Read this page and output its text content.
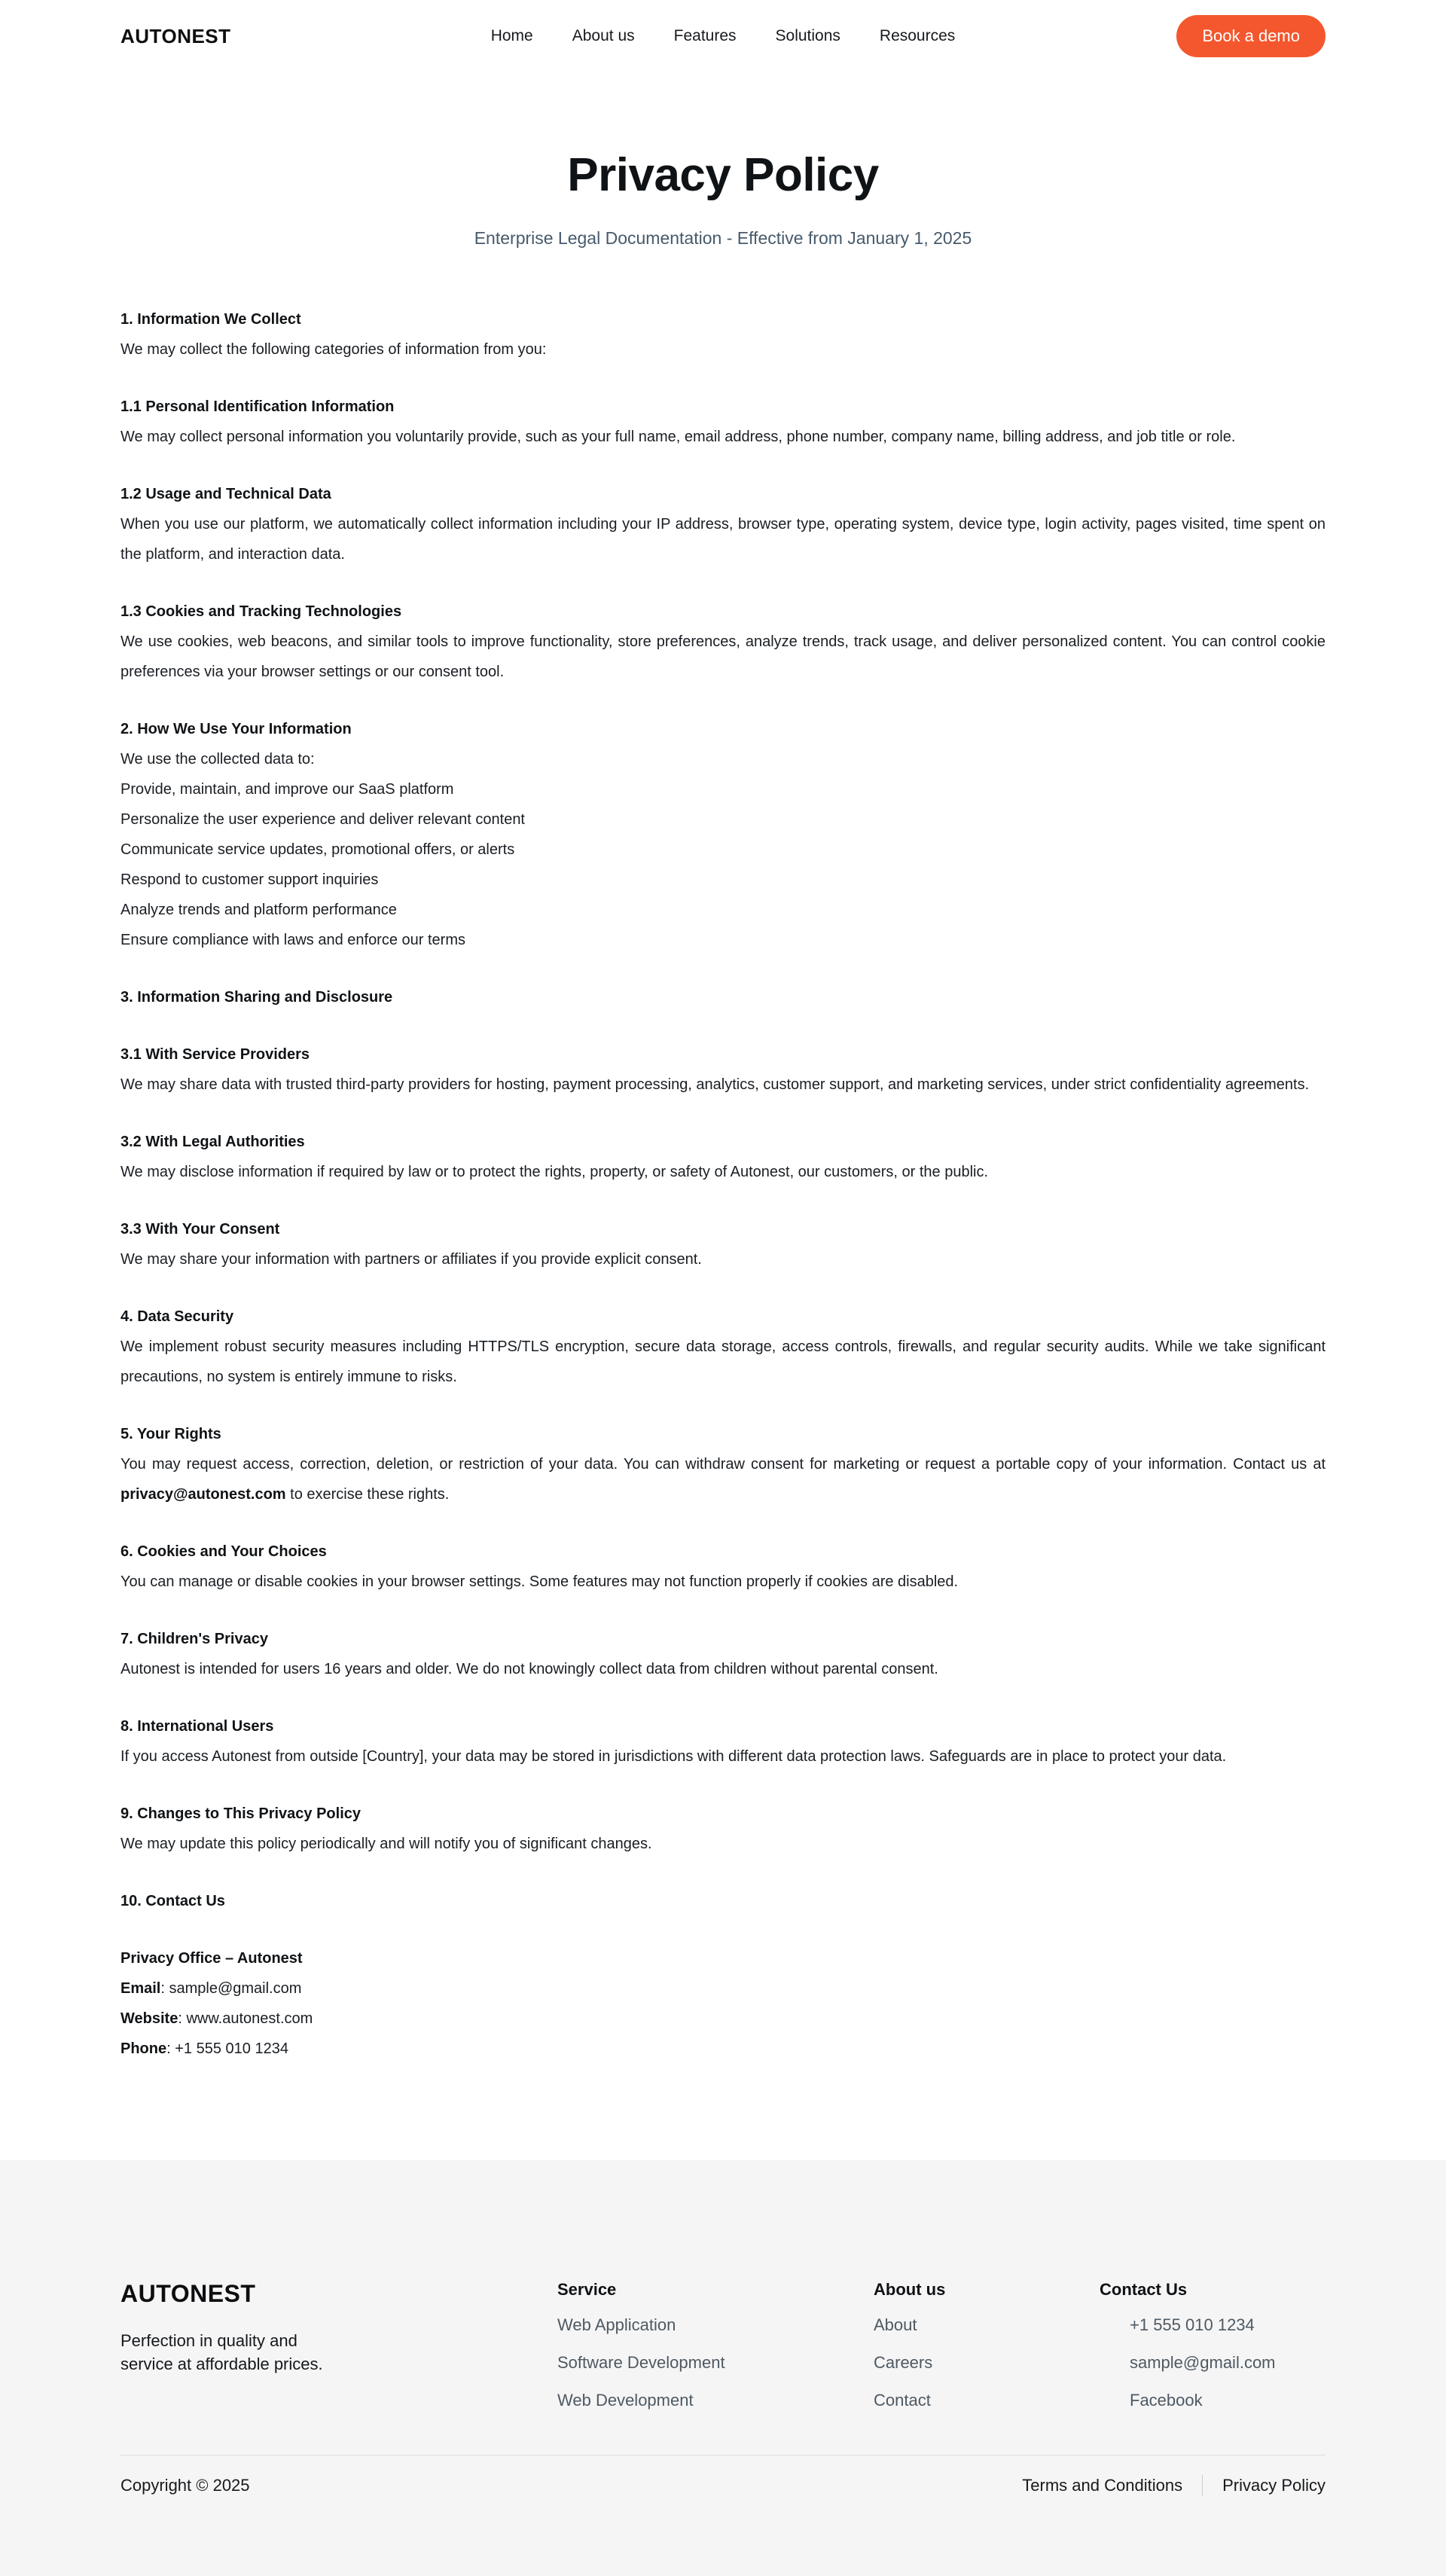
AUTONEST	Home About us Features Solutions Resources	Book a demo
Privacy Policy

Enterprise Legal Documentation - Effective from January 1, 2025

1. Information We Collect

We may collect the following categories of information from you:

1.1 Personal Identification Information

We may collect personal information you voluntarily provide, such as your full name, email address, phone number, company name, billing address, and job title or role.

1.2 Usage and Technical Data

When you use our platform, we automatically collect information including your IP address, browser type, operating system, device type, login activity, pages visited, time spent on the platform, and interaction data.

1.3 Cookies and Tracking Technologies

We use cookies, web beacons, and similar tools to improve functionality, store preferences, analyze trends, track usage, and deliver personalized content. You can control cookie preferences via your browser settings or our consent tool.

2. How We Use Your Information

We use the collected data to:

Provide, maintain, and improve our SaaS platform

Personalize the user experience and deliver relevant content

Communicate service updates, promotional offers, or alerts

Respond to customer support inquiries

Analyze trends and platform performance

Ensure compliance with laws and enforce our terms

3. Information Sharing and Disclosure
3.1 With Service Providers

We may share data with trusted third-party providers for hosting, payment processing, analytics, customer support, and marketing services, under strict confidentiality agreements.

3.2 With Legal Authorities

We may disclose information if required by law or to protect the rights, property, or safety of Autonest, our customers, or the public.

3.3 With Your Consent

We may share your information with partners or affiliates if you provide explicit consent.

4. Data Security

We implement robust security measures including HTTPS/TLS encryption, secure data storage, access controls, firewalls, and regular security audits. While we take significant precautions, no system is entirely immune to risks.

5. Your Rights

You may request access, correction, deletion, or restriction of your data. You can withdraw consent for marketing or request a portable copy of your information. Contact us at privacy@autonest.com to exercise these rights.

6. Cookies and Your Choices

You can manage or disable cookies in your browser settings. Some features may not function properly if cookies are disabled.

7. Children's Privacy

Autonest is intended for users 16 years and older. We do not knowingly collect data from children without parental consent.

8. International Users

If you access Autonest from outside [Country], your data may be stored in jurisdictions with different data protection laws. Safeguards are in place to protect your data.

9. Changes to This Privacy Policy

We may update this policy periodically and will notify you of significant changes.

10. Contact Us
Privacy Office – Autonest

Email: sample@gmail.com

Website: www.autonest.com

Phone: +1 555 010 1234

AUTONEST
Perfection in quality and service at affordable prices.
Service
Web Application
Software Development
Web Development
About us
About
Careers
Contact
Contact Us
+1 555 010 1234
sample@gmail.com
Facebook
Copyright © 2025	Terms and Conditions Privacy Policy
